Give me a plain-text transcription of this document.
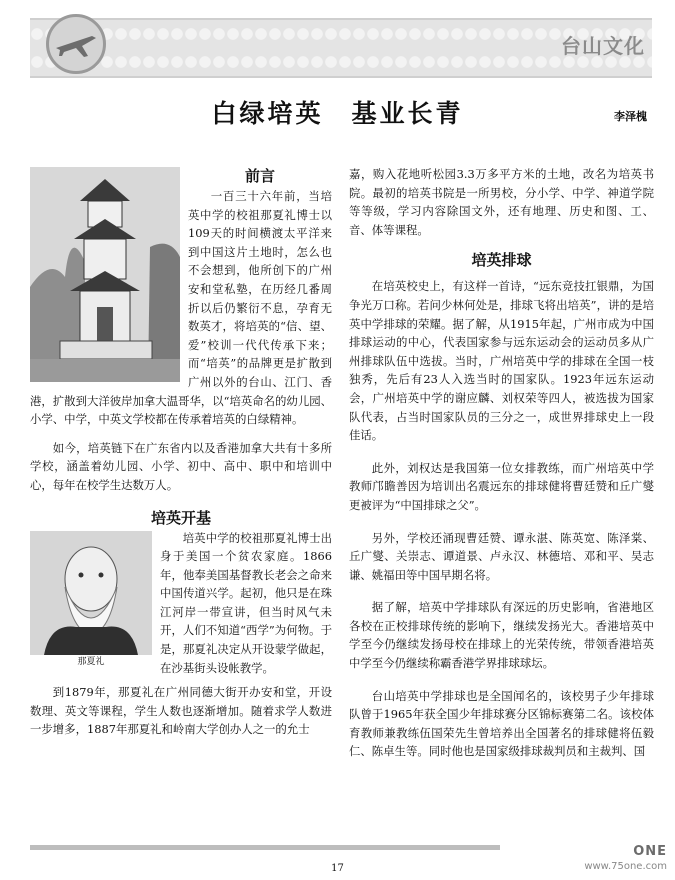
台山文化
白绿培英　基业长青	李泽槐
前言

一百三十六年前，当培英中学的校祖那夏礼博士以109天的时间横渡太平洋来到中国这片土地时，怎么也不会想到，他所创下的广州安和堂私塾，在历经几番周折以后仍繁衍不息，孕育无数英才，将培英的“信、望、爱”校训一代代传承下来；而“培英”的品牌更是扩散到广州以外的台山、江门、香港，扩散到大洋彼岸加拿大温哥华，以“培英命名的幼儿园、小学、中学，中英文学校都在传承着培英的白绿精神。

如今，培英链下在广东省内以及香港加拿大共有十多所学校，涵盖着幼儿园、小学、初中、高中、职中和培训中心，每年在校学生达数万人。

培英开基
那夏礼

培英中学的校祖那夏礼博士出身于美国一个贫农家庭。1866年，他奉美国基督教长老会之命来中国传道兴学。起初，他只是在珠江河岸一带宣讲，但当时风气未开，人们不知道“西学”为何物。于是，那夏礼决定从开设蒙学做起，在沙基街头设帐教学。

到1879年，那夏礼在广州同德大街开办安和堂，开设数理、英文等课程，学生人数也逐渐增加。随着求学人数进一步增多，1887年那夏礼和岭南大学创办人之一的允士

嘉，购入花地听松园3.3万多平方米的土地，改名为培英书院。最初的培英书院是一所男校，分小学、中学、神道学院等等级，学习内容除国文外，还有地理、历史和图、工、音、体等课程。

培英排球

在培英校史上，有这样一首诗，“远东竞技扛银鼎，为国争光万口称。若问少林何处是，排球飞将出培英”，讲的是培英中学排球的荣耀。据了解，从1915年起，广州市成为中国排球运动的中心，代表国家参与远东运动会的运动员多从广州排球队伍中选拔。当时，广州培英中学的排球在全国一枝独秀，先后有23人入选当时的国家队。1923年远东运动会，广州培英中学的谢应麟、刘权荣等四人，被选拔为国家队代表，占当时国家队员的三分之一，成世界排球史上一段佳话。

此外，刘权达是我国第一位女排教练，而广州培英中学教师邝瞻善因为培训出名震远东的排球健将曹廷赞和丘广燮更被评为“中国排球之父”。

另外，学校还涌现曹廷赞、谭永湛、陈英宽、陈泽棠、丘广燮、关崇志、谭道景、卢永汉、林德培、邓和平、吴志谦、姚福田等中国早期名将。

据了解，培英中学排球队有深远的历史影响，省港地区各校在正校排球传统的影响下，继续发扬光大。香港培英中学至今仍继续发扬母校在排球上的光荣传统，带领香港培英中学至今仍继续称霸香港学界排球球坛。

台山培英中学排球也是全国闻名的，该校男子少年排球队曾于1965年获全国少年排球赛分区锦标赛第二名。该校体育教师兼教练伍国荣先生曾培养出全国著名的排球健将伍毅仁、陈卓生等。同时他也是国家级排球裁判员和主裁判、国

17
ONE
www.75one.com
